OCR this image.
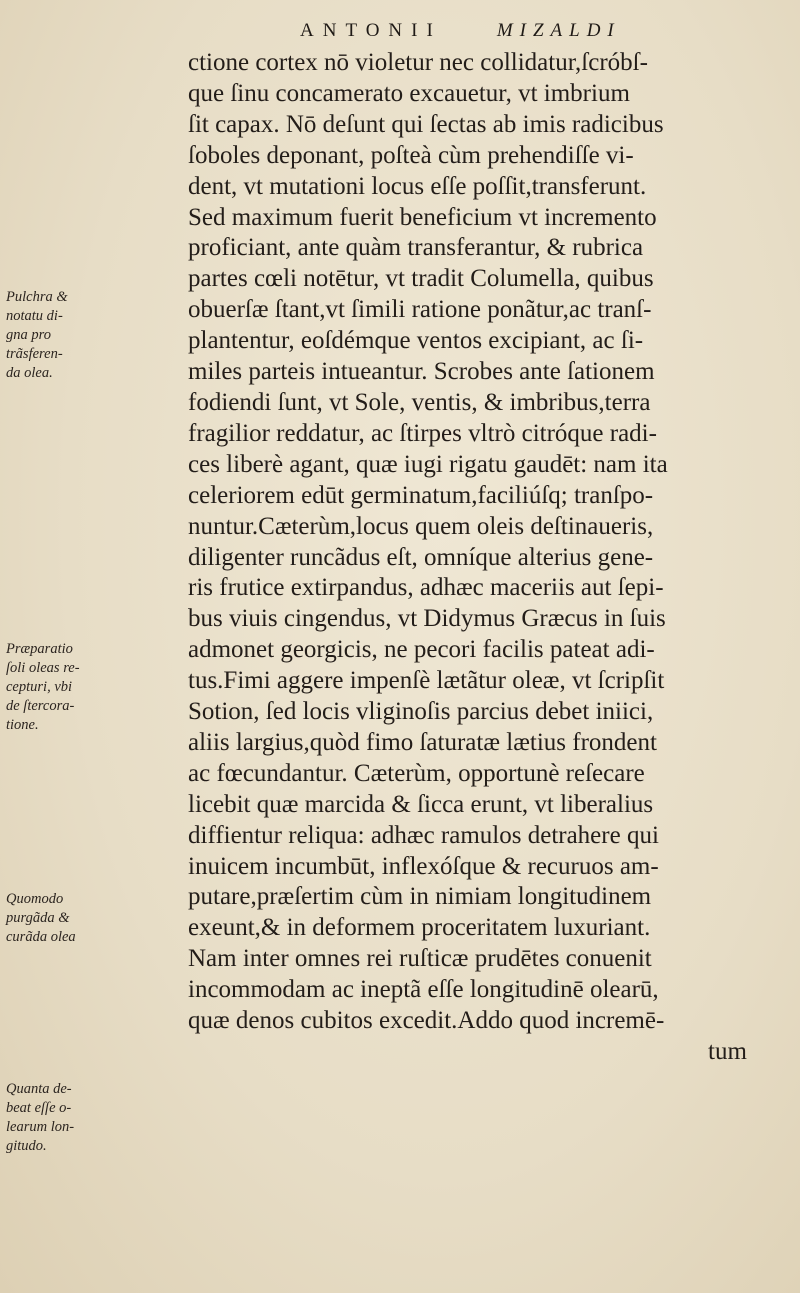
ANTONII	MIZALDI
ctione cortex nō violetur nec collidatur,ſcróbſ-
que ſinu concamerato excauetur, vt imbrium
ſit capax. Nō deſunt qui ſectas ab imis radicibus
ſoboles deponant, poſteà cùm prehendiſſe vi-
dent, vt mutationi locus eſſe poſſit,transferunt.
Sed maximum fuerit beneficium vt incremento
proficiant, ante quàm transferantur, & rubrica
partes cœli notētur, vt tradit Columella, quibus
obuerſæ ſtant,vt ſimili ratione ponãtur,ac tranſ-
plantentur, eoſdémque ventos excipiant, ac ſi-
miles parteis intueantur. Scrobes ante ſationem
fodiendi ſunt, vt Sole, ventis, & imbribus,terra
fragilior reddatur, ac ſtirpes vltrò citróque radi-
ces liberè agant, quæ iugi rigatu gaudēt: nam ita
celeriorem edūt germinatum,faciliúſq; tranſpo-
nuntur.Cæterùm,locus quem oleis deſtinaueris,
diligenter runcãdus eſt, omníque alterius gene-
ris frutice extirpandus, adhæc maceriis aut ſepi-
bus viuis cingendus, vt Didymus Græcus in ſuis
admonet georgicis, ne pecori facilis pateat adi-
tus.Fimi aggere impenſè lætãtur oleæ, vt ſcripſit
Sotion, ſed locis vliginoſis parcius debet iniici,
aliis largius,quòd fimo ſaturatæ lætius frondent
ac fœcundantur. Cæterùm, opportunè reſecare
licebit quæ marcida & ſicca erunt, vt liberalius
diffientur reliqua: adhæc ramulos detrahere qui
inuicem incumbūt, inflexóſque & recuruos am-
putare,præſertim cùm in nimiam longitudinem
exeunt,& in deformem proceritatem luxuriant.
Nam inter omnes rei ruſticæ prudētes conuenit
incommodam ac ineptã eſſe longitudinē olearū,
quæ denos cubitos excedit.Addo quod incremē-
tum
Pulchra &
notatu di-
gna pro
trãsferen-
da olea.
Præparatio
ſoli oleas re-
cepturi, vbi
de ſtercora-
tione.
Quomodo
purgãda &
curãda olea
Quanta de-
beat eſſe o-
learum lon-
gitudo.
